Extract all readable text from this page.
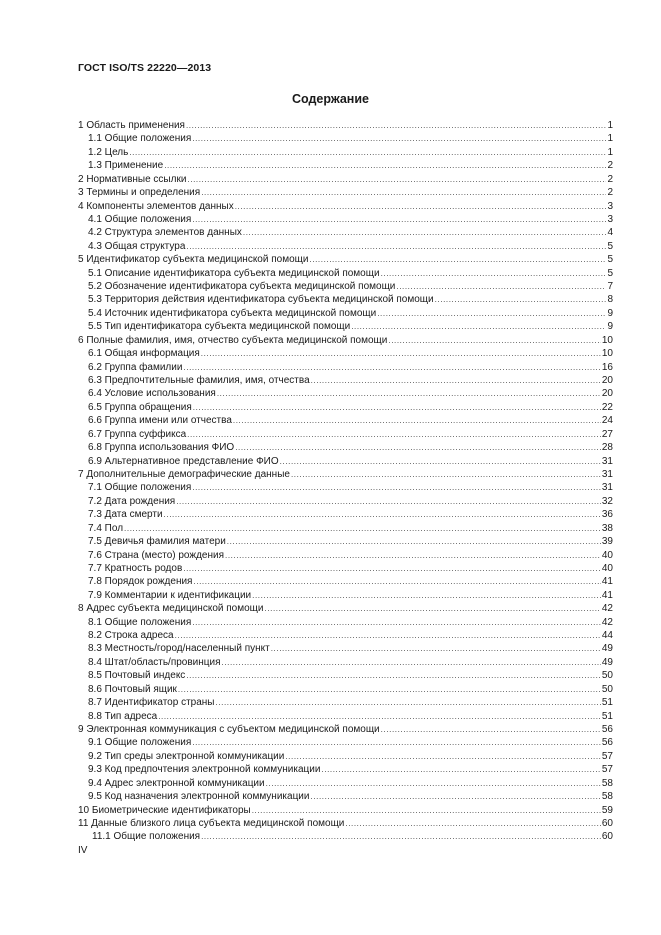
ГОСТ ISO/TS 22220—2013
Содержание
1 Область применения .....	1
1.1 Общие положения .....	1
1.2 Цель .....	1
1.3 Применение .....	2
2 Нормативные ссылки .....	2
3 Термины и определения .....	2
4 Компоненты элементов данных .....	3
4.1 Общие положения .....	3
4.2 Структура элементов данных .....	4
4.3 Общая структура .....	5
5 Идентификатор субъекта медицинской помощи .....	5
5.1 Описание идентификатора субъекта медицинской помощи .....	5
5.2 Обозначение идентификатора субъекта медицинской помощи .....	7
5.3 Территория действия идентификатора субъекта медицинской помощи .....	8
5.4 Источник идентификатора субъекта медицинской помощи .....	9
5.5 Тип идентификатора субъекта медицинской помощи .....	9
6 Полные фамилия, имя, отчество субъекта медицинской помощи .....	10
6.1 Общая информация .....	10
6.2 Группа фамилии .....	16
6.3 Предпочтительные фамилия, имя, отчества .....	20
6.4 Условие использования .....	20
6.5 Группа обращения .....	22
6.6 Группа имени или отчества .....	24
6.7 Группа суффикса .....	27
6.8 Группа использования ФИО .....	28
6.9 Альтернативное представление ФИО .....	31
7 Дополнительные демографические данные .....	31
7.1 Общие положения .....	31
7.2 Дата рождения .....	32
7.3 Дата смерти .....	36
7.4 Пол .....	38
7.5 Девичья фамилия матери .....	39
7.6 Страна (место) рождения .....	40
7.7 Кратность родов .....	40
7.8 Порядок рождения .....	41
7.9 Комментарии к идентификации .....	41
8 Адрес субъекта медицинской помощи .....	42
8.1 Общие положения .....	42
8.2 Строка адреса .....	44
8.3 Местность/город/населенный пункт .....	49
8.4 Штат/область/провинция .....	49
8.5 Почтовый индекс .....	50
8.6 Почтовый ящик .....	50
8.7 Идентификатор страны .....	51
8.8 Тип адреса .....	51
9 Электронная коммуникация с субъектом медицинской помощи .....	56
9.1 Общие положения .....	56
9.2 Тип среды электронной коммуникации .....	57
9.3 Код предпочтения электронной коммуникации .....	57
9.4 Адрес электронной коммуникации .....	58
9.5 Код назначения электронной коммуникации .....	58
10 Биометрические идентификаторы .....	59
11 Данные близкого лица субъекта медицинской помощи .....	60
11.1 Общие положения .....	60
IV
